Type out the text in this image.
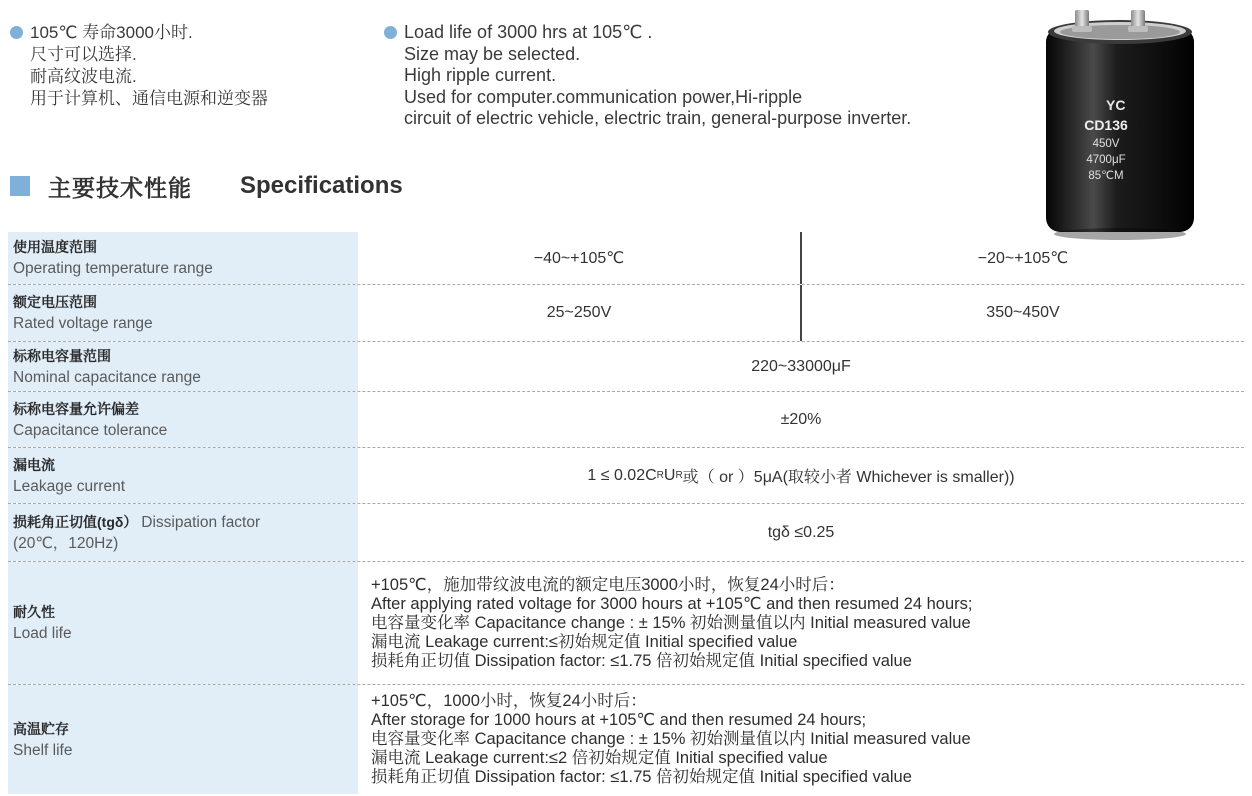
105℃ 寿命3000小时.
尺寸可以选择.
耐高纹波电流.
用于计算机、通信电源和逆变器
Load life of 3000 hrs at 105℃ .
Size may be selected.
High ripple current.
Used for computer.communication power,Hi-ripple
circuit of electric vehicle, electric train, general-purpose inverter.
YC
CD136
450V
4700μF
85℃M
主要技术性能 Specifications
使用温度范围
Operating temperature range
−40~+105℃	−20~+105℃
额定电压范围
Rated voltage range
25~250V	350~450V
标称电容量范围
Nominal capacitance range
220~33000μF
标称电容量允许偏差
Capacitance tolerance
±20%
漏电流
Leakage current
1 ≤ 0.02C R U R 或（ or ）5μA(取较小者 Whichever is smaller))
损耗角正切值(tgδ） Dissipation factor
(20℃，120Hz)
tgδ ≤0.25
耐久性
Load life
+105℃，施加带纹波电流的额定电压3000小时，恢复24小时后：
After applying rated voltage for 3000 hours at +105℃ and then resumed 24 hours;
电容量变化率 Capacitance change : ± 15% 初始测量值以内 Initial measured value
漏电流 Leakage current:≤初始规定值 Initial specified value
损耗角正切值 Dissipation factor: ≤1.75 倍初始规定值 Initial specified value
高温贮存
Shelf life
+105℃，1000小时，恢复24小时后：
After storage for 1000 hours at +105℃ and then resumed 24 hours;
电容量变化率 Capacitance change : ± 15% 初始测量值以内 Initial measured value
漏电流 Leakage current:≤2 倍初始规定值 Initial specified value
损耗角正切值 Dissipation factor: ≤1.75 倍初始规定值 Initial specified value
